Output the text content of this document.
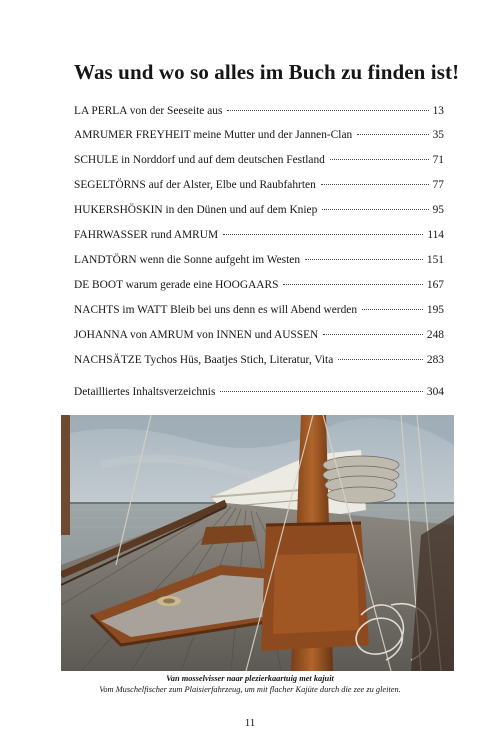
Was und wo so alles im Buch zu finden ist!
LA PERLA von der Seeseite aus	13
AMRUMER FREYHEIT meine Mutter und der Jannen-Clan	35
SCHULE in Norddorf und auf dem deutschen Festland	71
SEGELTÖRNS auf der Alster, Elbe und Raubfahrten	77
HUKERSHÖSKIN in den Dünen und auf dem Kniep	95
FAHRWASSER rund AMRUM	114
LANDTÖRN wenn die Sonne aufgeht im Westen	151
DE BOOT warum gerade eine HOOGAARS	167
NACHTS im WATT Bleib bei uns denn es will Abend werden	195
JOHANNA von AMRUM von INNEN und AUSSEN	248
NACHSÄTZE Tychos Hüs, Baatjes Stich, Literatur, Vita	283
Detailliertes Inhaltsverzeichnis	304
Van mosselvisser naar plezierkaartuig met kajuit
Vom Muschelfischer zum Plaisierfahrzeug, um mit flacher Kajüte durch die zee zu gleiten.
11
